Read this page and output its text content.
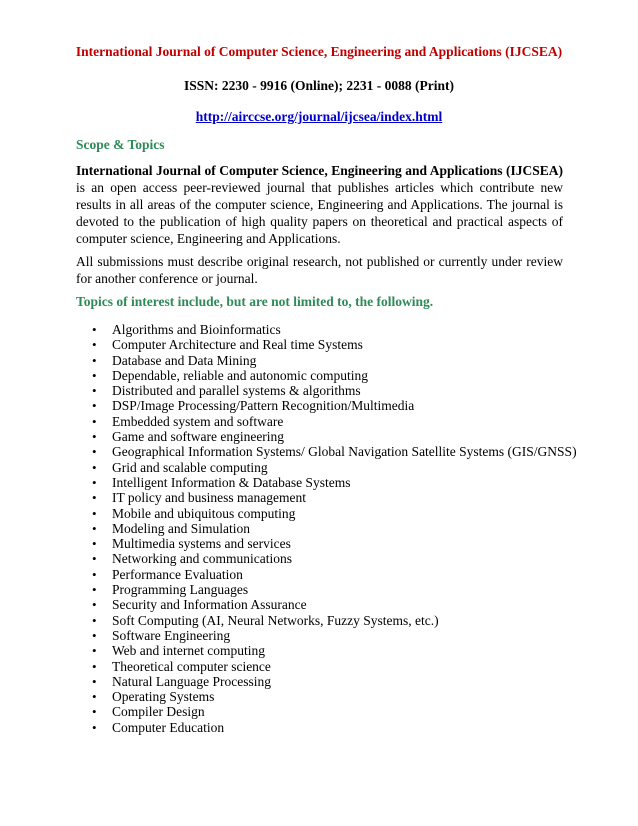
International Journal of Computer Science, Engineering and Applications (IJCSEA)
ISSN: 2230 - 9916 (Online); 2231 - 0088 (Print)
http://airccse.org/journal/ijcsea/index.html
Scope & Topics
International Journal of Computer Science, Engineering and Applications (IJCSEA) is an open access peer-reviewed journal that publishes articles which contribute new results in all areas of the computer science, Engineering and Applications. The journal is devoted to the publication of high quality papers on theoretical and practical aspects of computer science, Engineering and Applications.
All submissions must describe original research, not published or currently under review for another conference or journal.
Topics of interest include, but are not limited to, the following.
• Algorithms and Bioinformatics
• Computer Architecture and Real time Systems
• Database and Data Mining
• Dependable, reliable and autonomic computing
• Distributed and parallel systems & algorithms
• DSP/Image Processing/Pattern Recognition/Multimedia
• Embedded system and software
• Game and software engineering
• Geographical Information Systems/ Global Navigation Satellite Systems (GIS/GNSS)
• Grid and scalable computing
• Intelligent Information & Database Systems
• IT policy and business management
• Mobile and ubiquitous computing
• Modeling and Simulation
• Multimedia systems and services
• Networking and communications
• Performance Evaluation
• Programming Languages
• Security and Information Assurance
• Soft Computing (AI, Neural Networks, Fuzzy Systems, etc.)
• Software Engineering
• Web and internet computing
• Theoretical computer science
• Natural Language Processing
• Operating Systems
• Compiler Design
• Computer Education
